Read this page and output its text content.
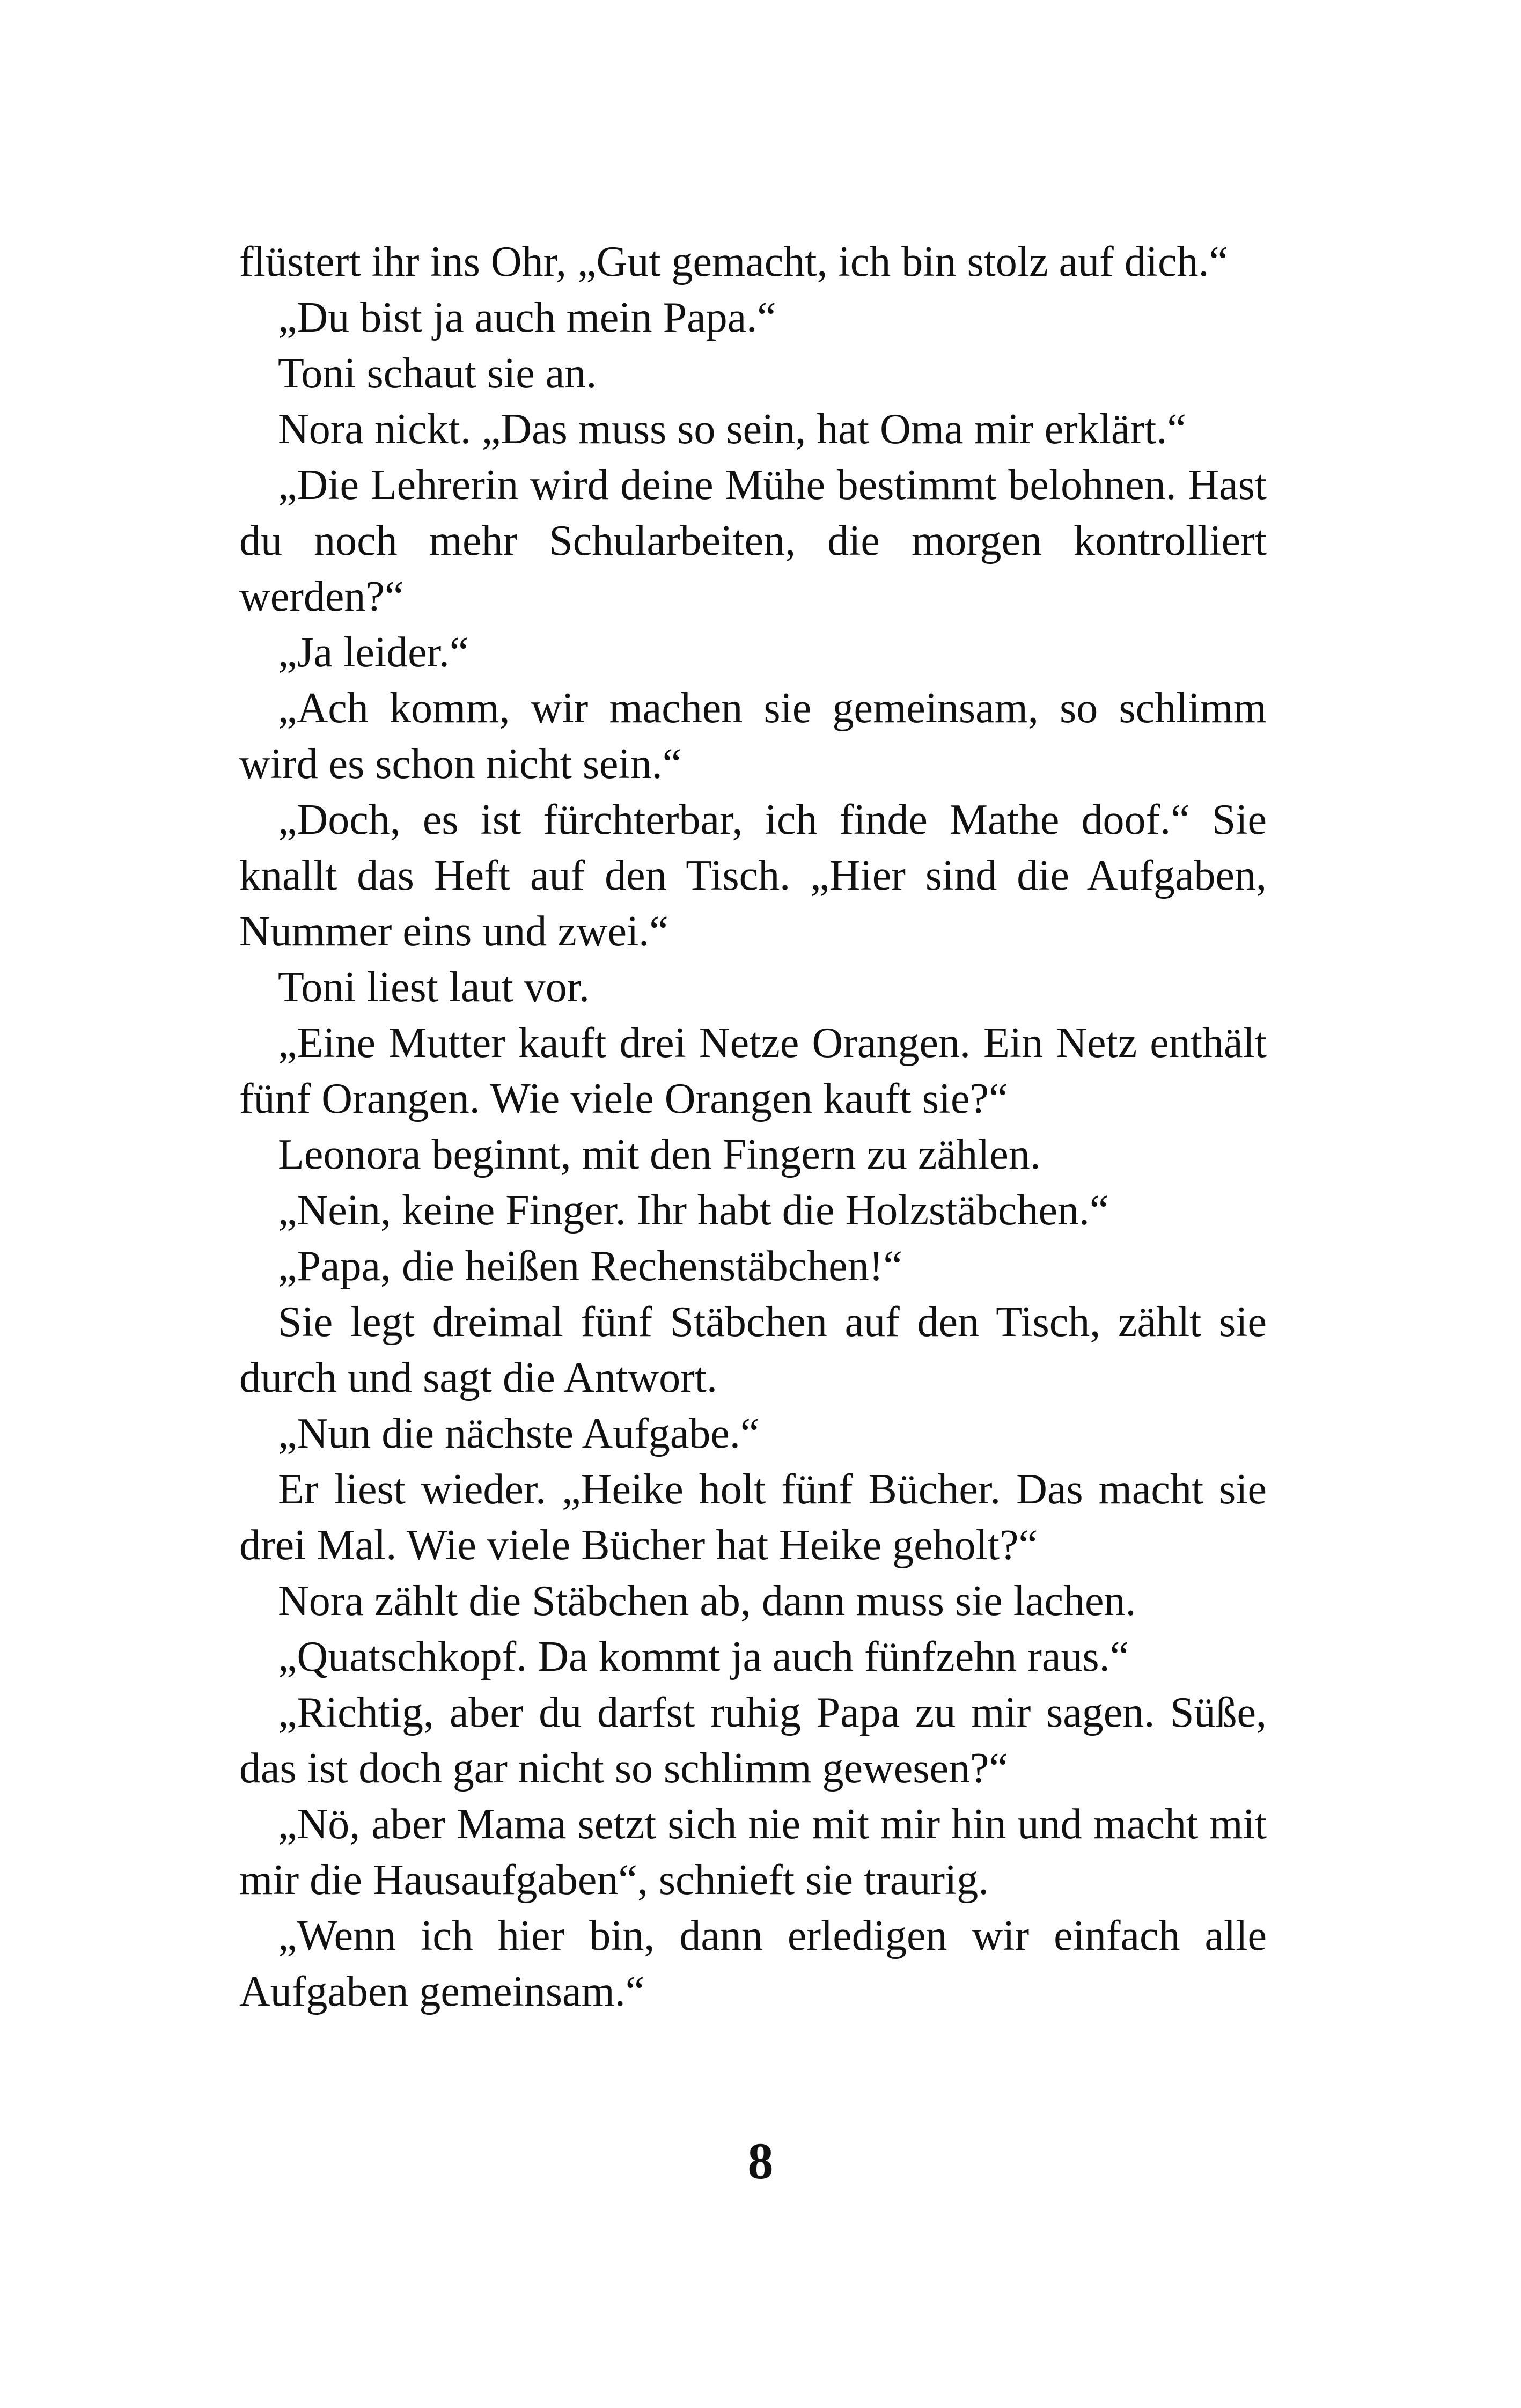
flüstert ihr ins Ohr, „Gut gemacht, ich bin stolz auf dich.“

„Du bist ja auch mein Papa.“

Toni schaut sie an.

Nora nickt. „Das muss so sein, hat Oma mir erklärt.“

„Die Lehrerin wird deine Mühe bestimmt belohnen. Hast du noch mehr Schularbeiten, die morgen kontrolliert werden?“

„Ja leider.“

„Ach komm, wir machen sie gemeinsam, so schlimm wird es schon nicht sein.“

„Doch, es ist fürchterbar, ich finde Mathe doof.“ Sie knallt das Heft auf den Tisch. „Hier sind die Aufgaben, Nummer eins und zwei.“

Toni liest laut vor.

„Eine Mutter kauft drei Netze Orangen. Ein Netz enthält fünf Orangen. Wie viele Orangen kauft sie?“

Leonora beginnt, mit den Fingern zu zählen.

„Nein, keine Finger. Ihr habt die Holzstäbchen.“

„Papa, die heißen Rechenstäbchen!“

Sie legt dreimal fünf Stäbchen auf den Tisch, zählt sie durch und sagt die Antwort.

„Nun die nächste Aufgabe.“

Er liest wieder. „Heike holt fünf Bücher. Das macht sie drei Mal. Wie viele Bücher hat Heike geholt?“

Nora zählt die Stäbchen ab, dann muss sie lachen.

„Quatschkopf. Da kommt ja auch fünfzehn raus.“

„Richtig, aber du darfst ruhig Papa zu mir sagen. Süße, das ist doch gar nicht so schlimm gewesen?“

„Nö, aber Mama setzt sich nie mit mir hin und macht mit mir die Hausaufgaben“, schnieft sie traurig.

„Wenn ich hier bin, dann erledigen wir einfach alle Aufgaben gemeinsam.“

8
